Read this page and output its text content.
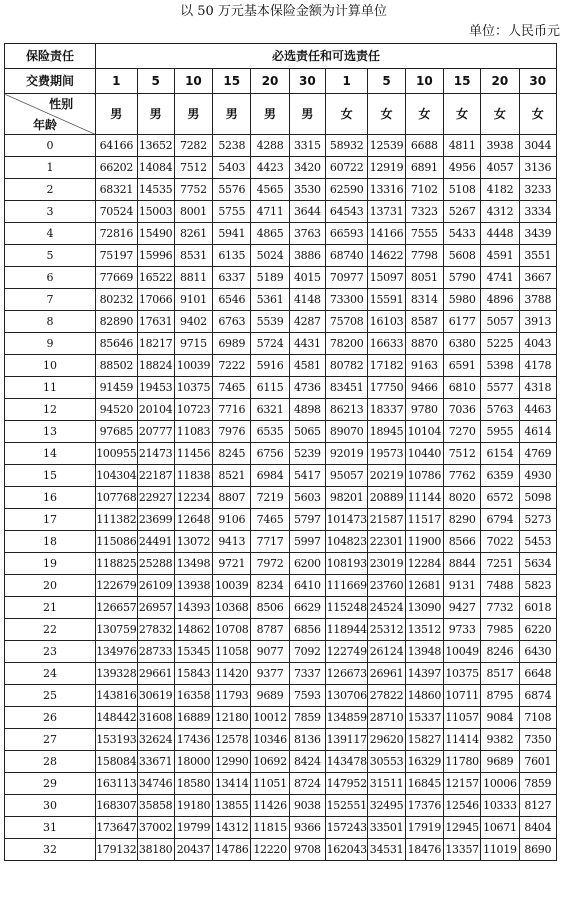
以 50 万元基本保险金额为计算单位
单位：人民币元
保险责任	必选责任和可选责任											
交费期间	1	5	10	15	20	30	1	5	10	15	20	30

性别
年龄	男	男	男	男	男	男	女	女	女	女	女	女
0	64166	13652	7282	5238	4288	3315	58932	12539	6688	4811	3938	3044
1	66202	14084	7512	5403	4423	3420	60722	12919	6891	4956	4057	3136
2	68321	14535	7752	5576	4565	3530	62590	13316	7102	5108	4182	3233
3	70524	15003	8001	5755	4711	3644	64543	13731	7323	5267	4312	3334
4	72816	15490	8261	5941	4865	3763	66593	14166	7555	5433	4448	3439
5	75197	15996	8531	6135	5024	3886	68740	14622	7798	5608	4591	3551
6	77669	16522	8811	6337	5189	4015	70977	15097	8051	5790	4741	3667
7	80232	17066	9101	6546	5361	4148	73300	15591	8314	5980	4896	3788
8	82890	17631	9402	6763	5539	4287	75708	16103	8587	6177	5057	3913
9	85646	18217	9715	6989	5724	4431	78200	16633	8870	6380	5225	4043
10	88502	18824	10039	7222	5916	4581	80782	17182	9163	6591	5398	4178
11	91459	19453	10375	7465	6115	4736	83451	17750	9466	6810	5577	4318
12	94520	20104	10723	7716	6321	4898	86213	18337	9780	7036	5763	4463
13	97685	20777	11083	7976	6535	5065	89070	18945	10104	7270	5955	4614
14	100955	21473	11456	8245	6756	5239	92019	19573	10440	7512	6154	4769
15	104304	22187	11838	8521	6984	5417	95057	20219	10786	7762	6359	4930
16	107768	22927	12234	8807	7219	5603	98201	20889	11144	8020	6572	5098
17	111382	23699	12648	9106	7465	5797	101473	21587	11517	8290	6794	5273
18	115086	24491	13072	9413	7717	5997	104823	22301	11900	8566	7022	5453
19	118825	25288	13498	9721	7972	6200	108193	23019	12284	8844	7251	5634
20	122679	26109	13938	10039	8234	6410	111669	23760	12681	9131	7488	5823
21	126657	26957	14393	10368	8506	6629	115248	24524	13090	9427	7732	6018
22	130759	27832	14862	10708	8787	6856	118944	25312	13512	9733	7985	6220
23	134976	28733	15345	11058	9077	7092	122749	26124	13948	10049	8246	6430
24	139328	29661	15843	11420	9377	7337	126673	26961	14397	10375	8517	6648
25	143816	30619	16358	11793	9689	7593	130706	27822	14860	10711	8795	6874
26	148442	31608	16889	12180	10012	7859	134859	28710	15337	11057	9084	7108
27	153193	32624	17436	12578	10346	8136	139117	29620	15827	11414	9382	7350
28	158084	33671	18000	12990	10692	8424	143478	30553	16329	11780	9689	7601
29	163113	34746	18580	13414	11051	8724	147952	31511	16845	12157	10006	7859
30	168307	35858	19180	13855	11426	9038	152551	32495	17376	12546	10333	8127
31	173647	37002	19799	14312	11815	9366	157243	33501	17919	12945	10671	8404
32	179132	38180	20437	14786	12220	9708	162043	34531	18476	13357	11019	8690
